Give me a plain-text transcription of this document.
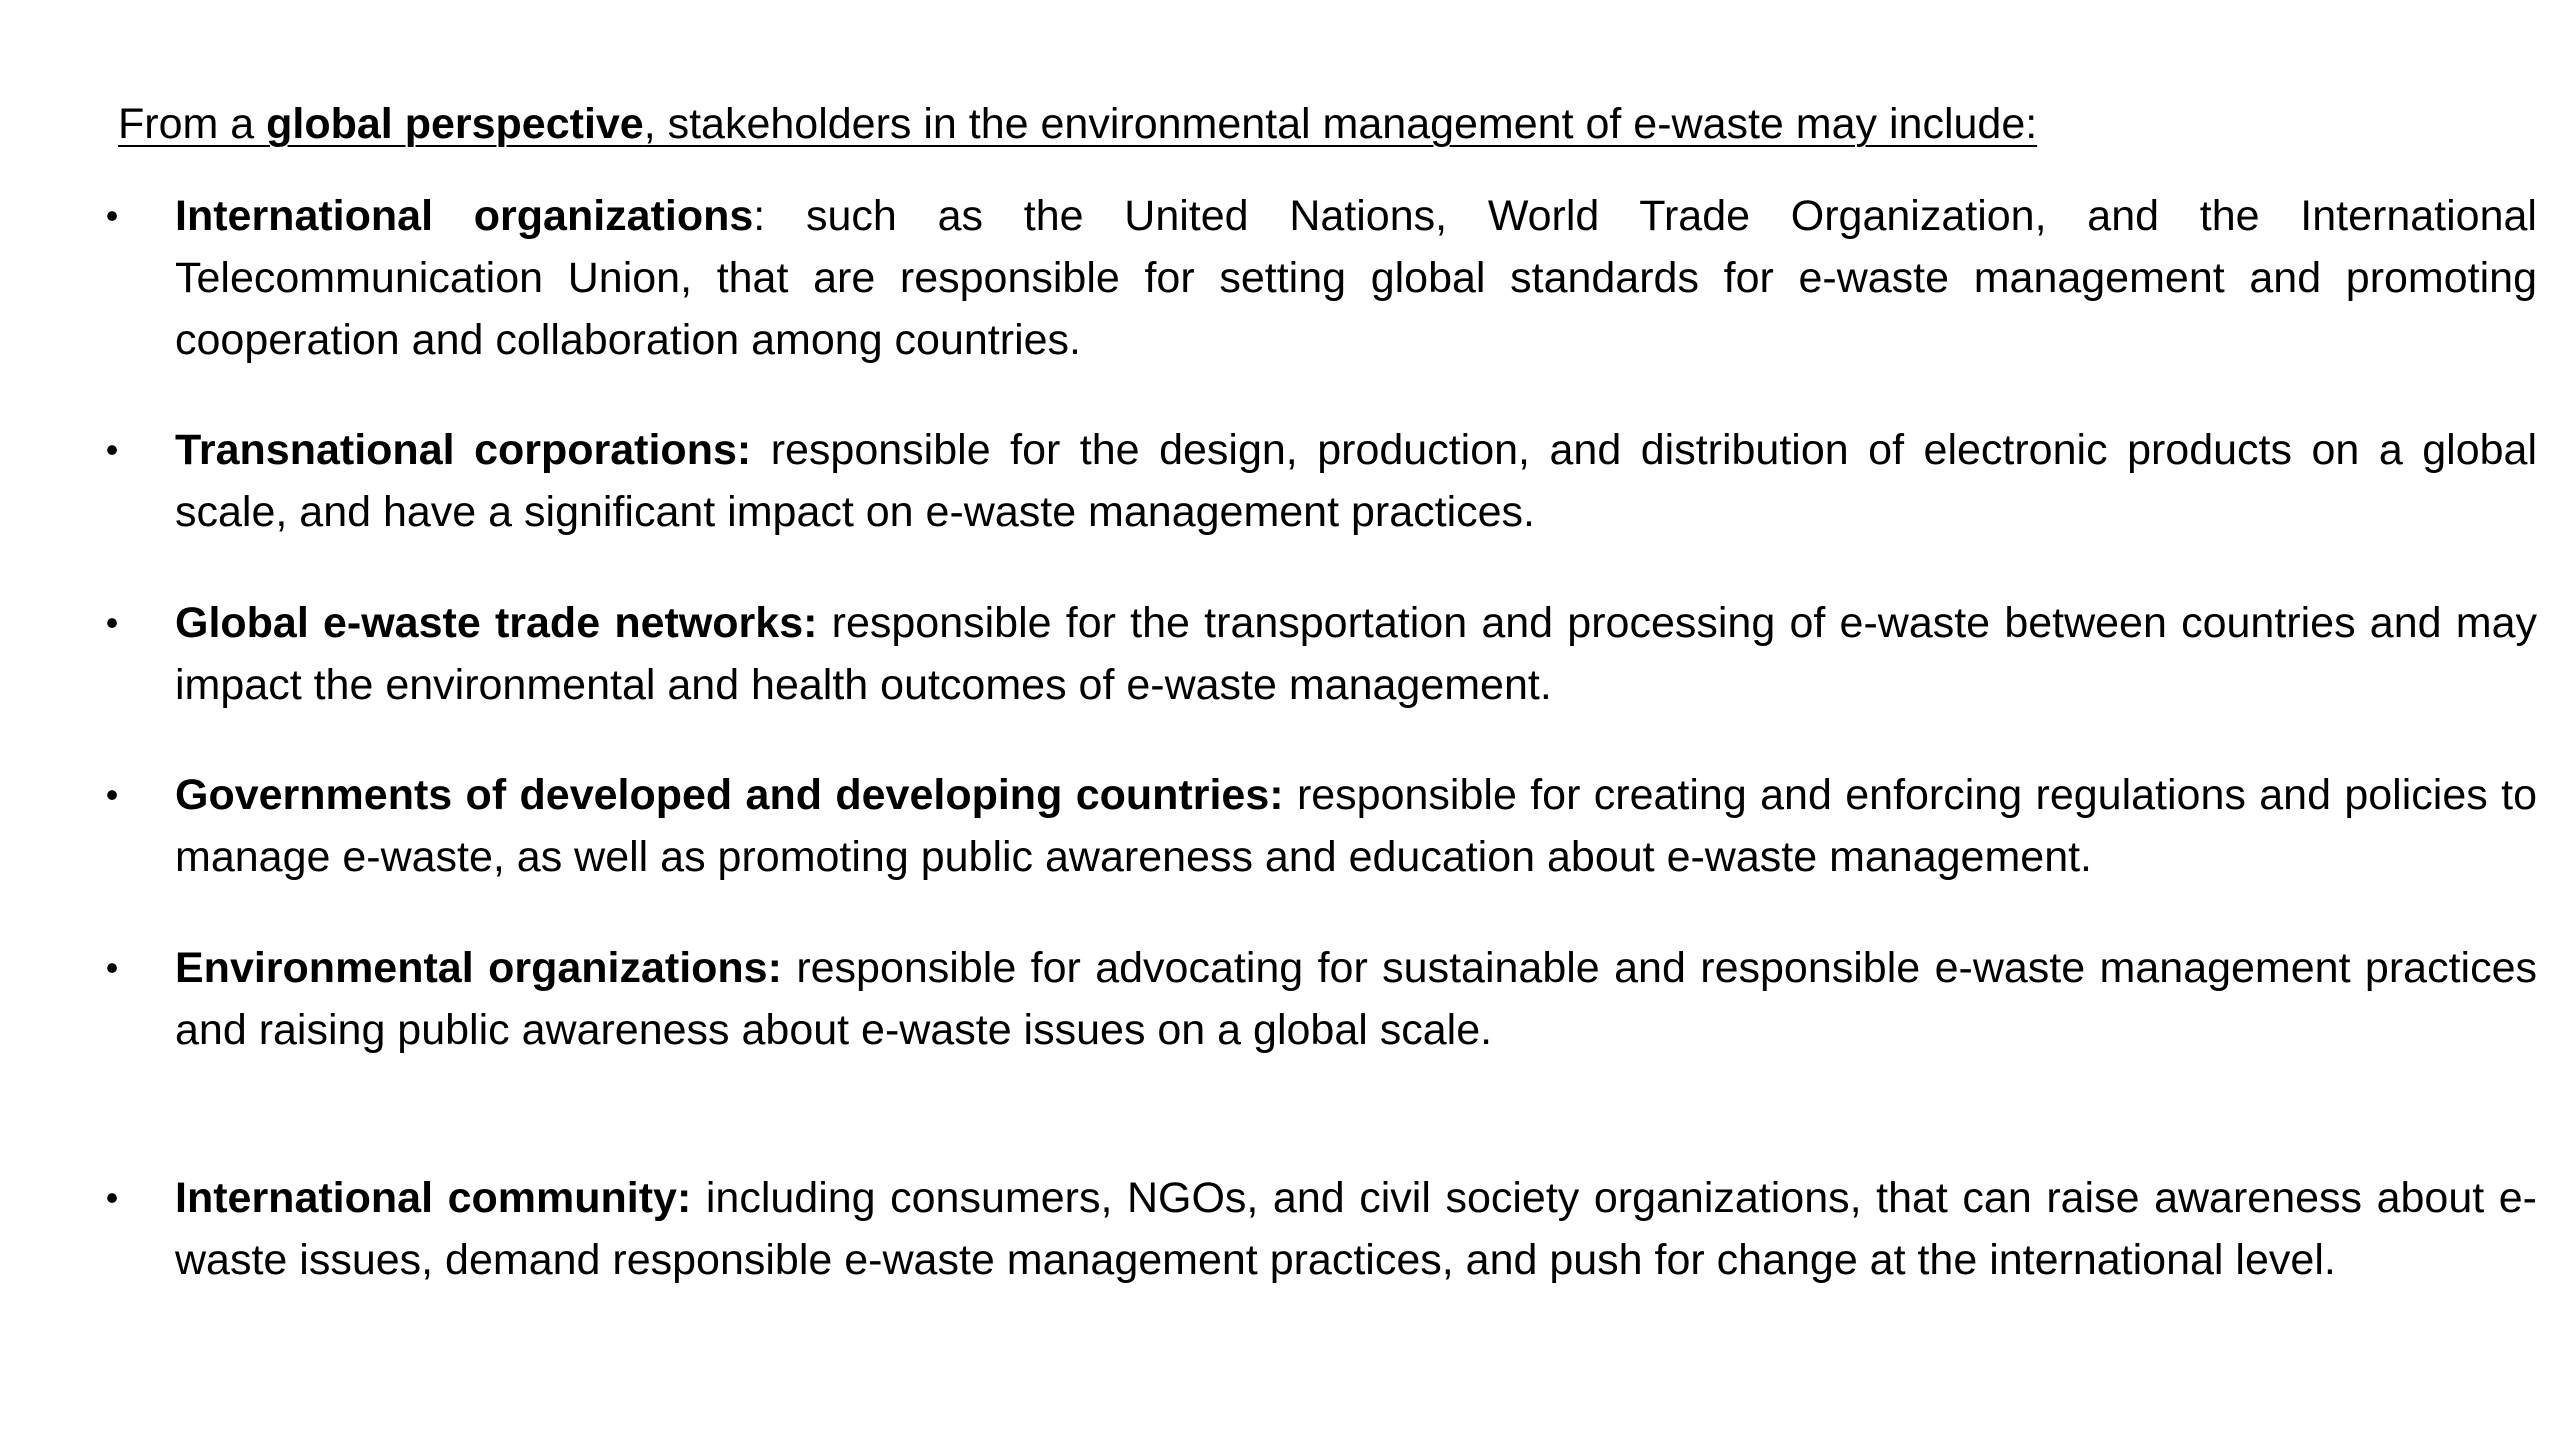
From a global perspective, stakeholders in the environmental management of e-waste may include:
• International organizations: such as the United Nations, World Trade Organization, and the International Telecommunication Union, that are responsible for setting global standards for e-waste management and promoting cooperation and collaboration among countries.
• Transnational corporations: responsible for the design, production, and distribution of electronic products on a global scale, and have a significant impact on e-waste management practices.
• Global e-waste trade networks: responsible for the transportation and processing of e-waste between countries and may impact the environmental and health outcomes of e-waste management.
• Governments of developed and developing countries: responsible for creating and enforcing regulations and policies to manage e-waste, as well as promoting public awareness and education about e-waste management.
• Environmental organizations: responsible for advocating for sustainable and responsible e-waste management practices and raising public awareness about e-waste issues on a global scale.
• International community: including consumers, NGOs, and civil society organizations, that can raise awareness about e-waste issues, demand responsible e-waste management practices, and push for change at the international level.
